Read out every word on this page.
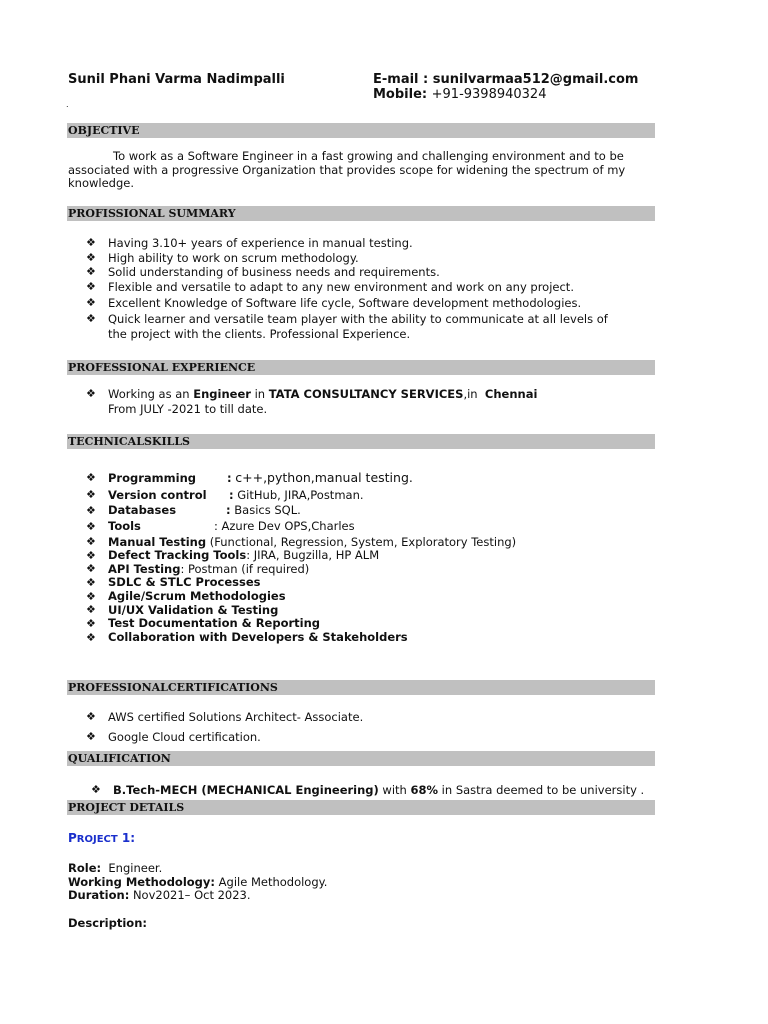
Sunil Phani Varma Nadimpalli	E-mail : sunilvarmaa512@gmail.com
Mobile: +91-9398940324
.
OBJECTIVE
To work as a Software Engineer in a fast growing and challenging environment and to be associated with a progressive Organization that provides scope for widening the spectrum of my knowledge.
PROFISSIONAL SUMMARY
❖ Having 3.10+ years of experience in manual testing.
❖ High ability to work on scrum methodology.
❖ Solid understanding of business needs and requirements.
❖ Flexible and versatile to adapt to any new environment and work on any project.
❖ Excellent Knowledge of Software life cycle, Software development methodologies.
❖ Quick learner and versatile team player with the ability to communicate at all levels of the project with the clients. Professional Experience.
PROFESSIONAL EXPERIENCE
❖ Working as an Engineer in TATA CONSULTANCY SERVICES,in  Chennai
From JULY -2021 to till date.
TECHNICALSKILLS
❖ Programming	: c++,python,manual testing.
❖ Version control : GitHub, JIRA,Postman.
❖ Databases	: Basics SQL.
❖ Tools	: Azure Dev OPS,Charles
❖ Manual Testing (Functional, Regression, System, Exploratory Testing)
❖ Defect Tracking Tools: JIRA, Bugzilla, HP ALM
❖ API Testing: Postman (if required)
❖ SDLC & STLC Processes
❖ Agile/Scrum Methodologies
❖ UI/UX Validation & Testing
❖ Test Documentation & Reporting
❖ Collaboration with Developers & Stakeholders
PROFESSIONALCERTIFICATIONS
❖ AWS certified Solutions Architect- Associate.
❖ Google Cloud certification.
QUALIFICATION
❖ B.Tech-MECH (MECHANICAL Engineering) with 68% in Sastra deemed to be university .
PROJECT DETAILS
PROJECT 1:
Role:  Engineer.
Working Methodology: Agile Methodology.
Duration: Nov2021– Oct 2023.
Description:
